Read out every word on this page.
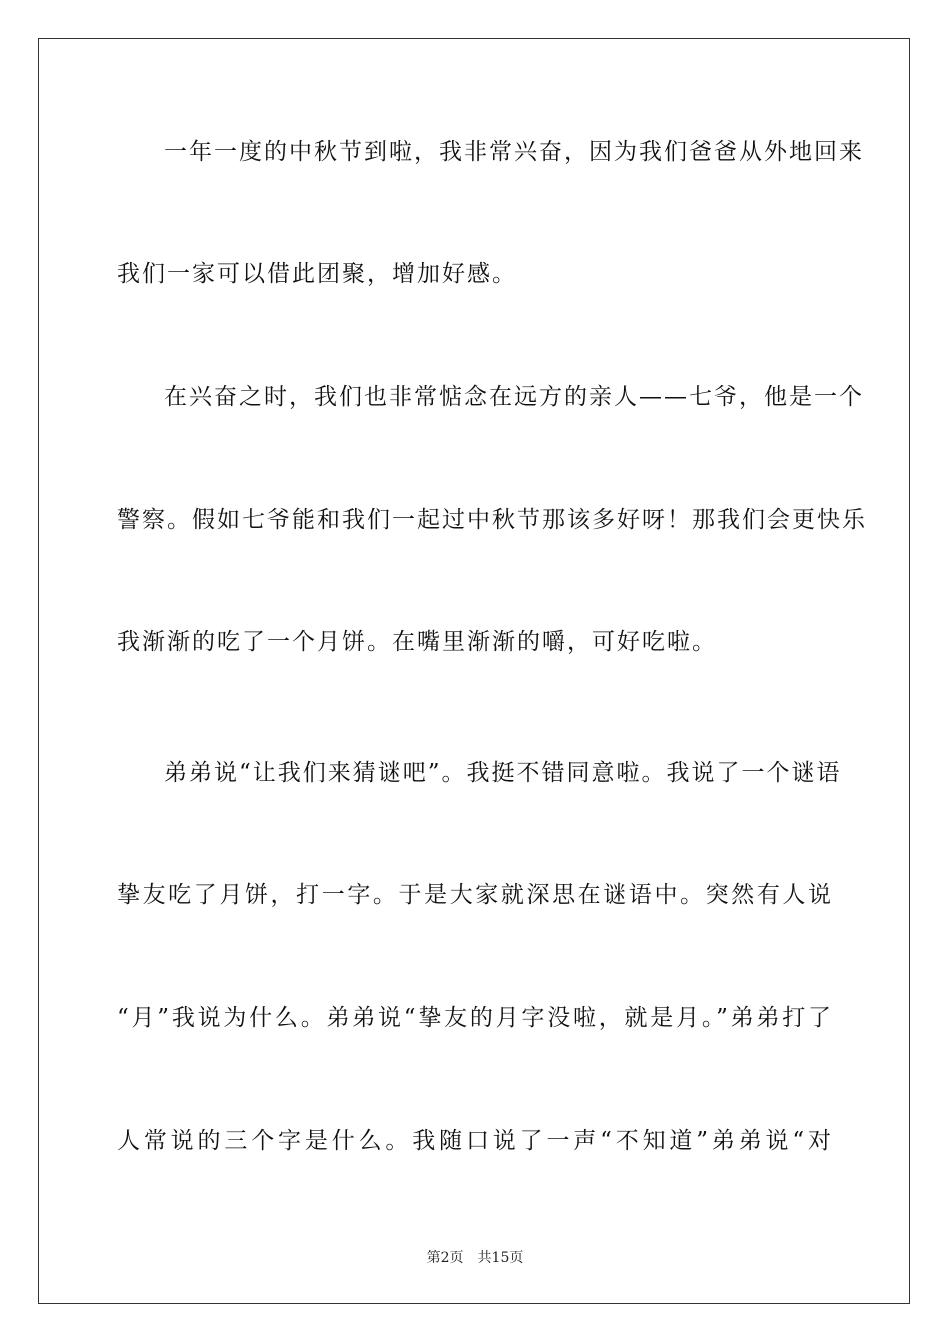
一年一度的中秋节到啦，我非常兴奋，因为我们爸爸从外地回来
我们一家可以借此团聚，增加好感。
在兴奋之时，我们也非常惦念在远方的亲人——七爷，他是一个
警察。假如七爷能和我们一起过中秋节那该多好呀！那我们会更快乐
我渐渐的吃了一个月饼。在嘴里渐渐的嚼，可好吃啦。
弟弟说“让我们来猜谜吧”。我挺不错同意啦。我说了一个谜语
挚友吃了月饼，打一字。于是大家就深思在谜语中。突然有人说
“月”我说为什么。弟弟说“挚友的月字没啦，就是月。”弟弟打了
人常说的三个字是什么。我随口说了一声“不知道”弟弟说“对
第2页 共15页
